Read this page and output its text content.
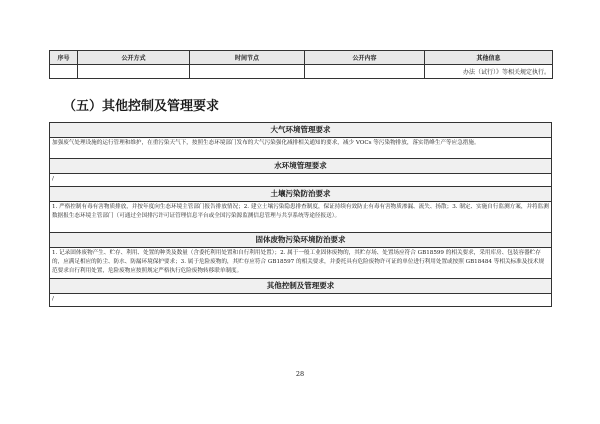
序号	公开方式	时间节点	公开内容	其他信息
				办法（试行）》等相关规定执行。
（五）其他控制及管理要求
大气环境管理要求
加强废气处理设施的运行管理和维护，在重污染天气下，按照生态环境部门发布的大气污染强化减排相关通知的要求，减少 VOCs 等污染物排放，落实错峰生产等应急措施。
水环境管理要求
/
土壤污染防治要求
1. 严格控制有毒有害物质排放，并按年度向生态环境主管部门报告排放情况；2. 建立土壤污染隐患排查制度，保证持续有效防止有毒有害物质渗漏、流失、扬散；3. 制定、实施自行监测方案，并将监测数据报生态环境主管部门（可通过全国排污许可证管理信息平台或全国污染源监测信息管理与共享系统等途径报送）。
固体废物污染环境防治要求
1. 记录固体废物产生、贮存、利用、处置的种类及数量（含委托利用处置和自行利用处置）；2. 属于一般工业固体废物的，其贮存场、处置场应符合 GB18599 的相关要求，采用库房、包装容器贮存的，应满足相应的防尘、防水、防漏环境保护要求；3. 属于危险废物的，其贮存应符合 GB18597 的相关要求，并委托具有危险废物许可证的单位进行利用处置或按照 GB18484 等相关标准及技术规范要求自行利用处置，危险废物应按照规定严格执行危险废物转移联单制度。
其他控制及管理要求
/
28
